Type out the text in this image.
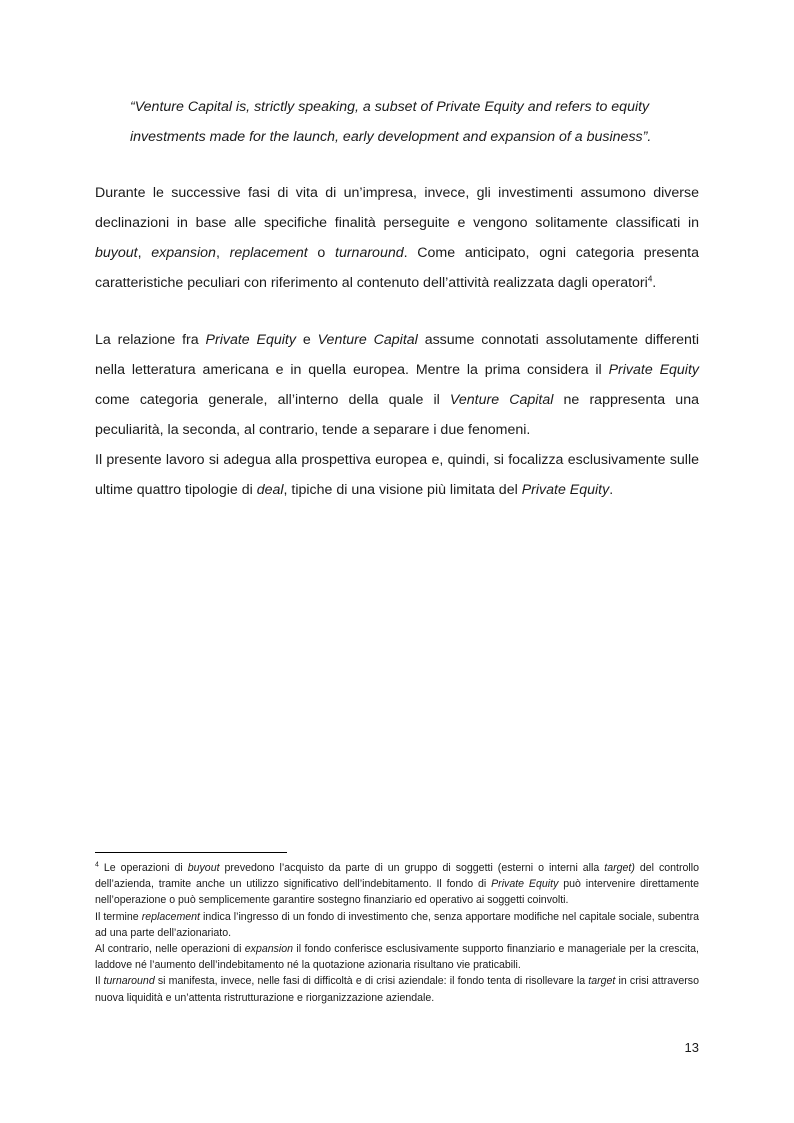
“Venture Capital is, strictly speaking, a subset of Private Equity and refers to equity investments made for the launch, early development and expansion of a business”.

Durante le successive fasi di vita di un’impresa, invece, gli investimenti assumono diverse declinazioni in base alle specifiche finalità perseguite e vengono solitamente classificati in buyout, expansion, replacement o turnaround. Come anticipato, ogni categoria presenta caratteristiche peculiari con riferimento al contenuto dell’attività realizzata dagli operatori$^4$.

La relazione fra Private Equity e Venture Capital assume connotati assolutamente differenti nella letteratura americana e in quella europea. Mentre la prima considera il Private Equity come categoria generale, all’interno della quale il Venture Capital ne rappresenta una peculiarità, la seconda, al contrario, tende a separare i due fenomeni.

Il presente lavoro si adegua alla prospettiva europea e, quindi, si focalizza esclusivamente sulle ultime quattro tipologie di deal, tipiche di una visione più limitata del Private Equity.

$^4$ Le operazioni di buyout prevedono l’acquisto da parte di un gruppo di soggetti (esterni o interni alla target) del controllo dell’azienda, tramite anche un utilizzo significativo dell’indebitamento. Il fondo di Private Equity può intervenire direttamente nell’operazione o può semplicemente garantire sostegno finanziario ed operativo ai soggetti coinvolti.

Il termine replacement indica l’ingresso di un fondo di investimento che, senza apportare modifiche nel capitale sociale, subentra ad una parte dell’azionariato.

Al contrario, nelle operazioni di expansion il fondo conferisce esclusivamente supporto finanziario e manageriale per la crescita, laddove né l’aumento dell’indebitamento né la quotazione azionaria risultano vie praticabili.

Il turnaround si manifesta, invece, nelle fasi di difficoltà e di crisi aziendale: il fondo tenta di risollevare la target in crisi attraverso nuova liquidità e un’attenta ristrutturazione e riorganizzazione aziendale.

13
